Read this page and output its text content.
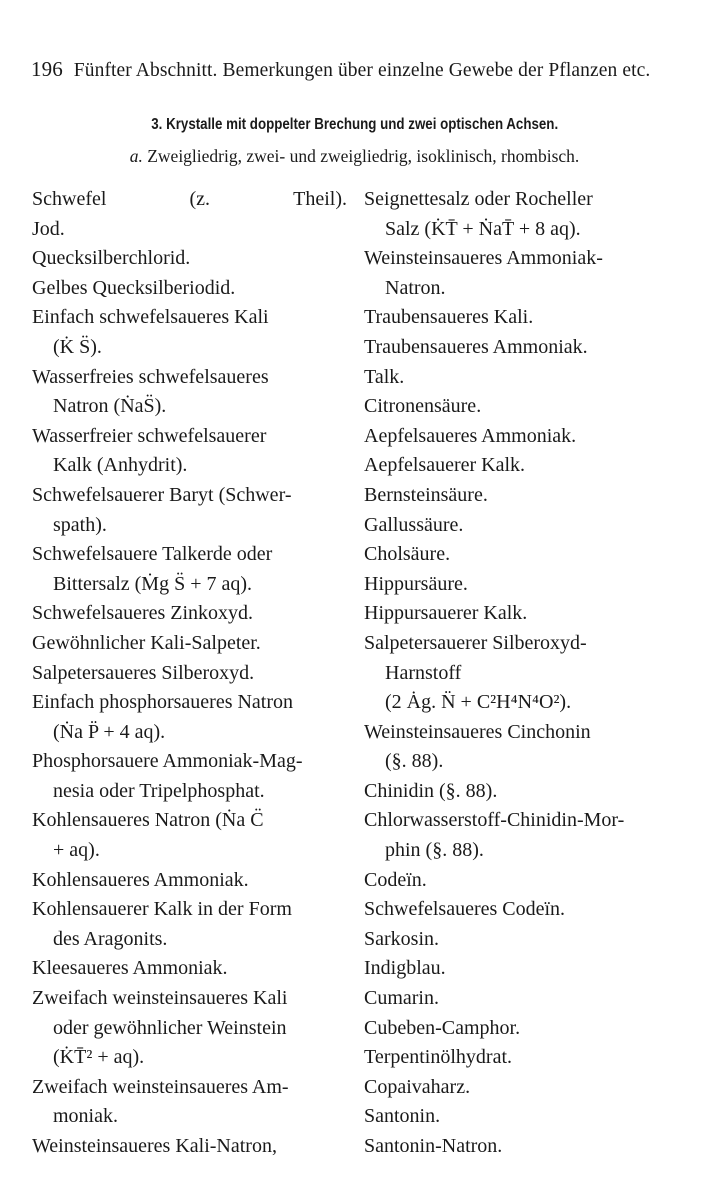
196 Fünfter Abschnitt. Bemerkungen über einzelne Gewebe der Pflanzen etc.
3. Krystalle mit doppelter Brechung und zwei optischen Achsen.
a. Zweigliedrig, zwei- und zweigliedrig, isoklinisch, rhombisch.
Schwefel	(z.	Theil).
Jod.
Quecksilberchlorid.
Gelbes Quecksilberiodid.
Einfach schwefelsaueres Kali
(K̇ S̈).
Wasserfreies schwefelsaueres
Natron (ṄaS̈).
Wasserfreier schwefelsauerer
Kalk (Anhydrit).
Schwefelsauerer Baryt (Schwer-
spath).
Schwefelsauere Talkerde oder
Bittersalz (Ṁg S̈ + 7 aq).
Schwefelsaueres Zinkoxyd.
Gewöhnlicher Kali-Salpeter.
Salpetersaueres Silberoxyd.
Einfach phosphorsaueres Natron
(Ṅa P̈ + 4 aq).
Phosphorsauere Ammoniak-Mag-
nesia oder Tripelphosphat.
Kohlensaueres Natron (Ṅa C̈
+ aq).
Kohlensaueres Ammoniak.
Kohlensauerer Kalk in der Form
des Aragonits.
Kleesaueres Ammoniak.
Zweifach weinsteinsaueres Kali
oder gewöhnlicher Weinstein
(K̇T̄² + aq).
Zweifach weinsteinsaueres Am-
moniak.
Weinsteinsaueres Kali-Natron,
Seignettesalz oder Rocheller
Salz (K̇T̄ + ṄaT̄ + 8 aq).
Weinsteinsaueres Ammoniak-
Natron.
Traubensaueres Kali.
Traubensaueres Ammoniak.
Talk.
Citronensäure.
Aepfelsaueres Ammoniak.
Aepfelsauerer Kalk.
Bernsteinsäure.
Gallussäure.
Cholsäure.
Hippursäure.
Hippursauerer Kalk.
Salpetersauerer Silberoxyd-
Harnstoff
(2 Ȧg. N̈ + C²H⁴N⁴O²).
Weinsteinsaueres Cinchonin
(§. 88).
Chinidin (§. 88).
Chlorwasserstoff-Chinidin-Mor-
phin (§. 88).
Codeïn.
Schwefelsaueres Codeïn.
Sarkosin.
Indigblau.
Cumarin.
Cubeben-Camphor.
Terpentinölhydrat.
Copaivaharz.
Santonin.
Santonin-Natron.
